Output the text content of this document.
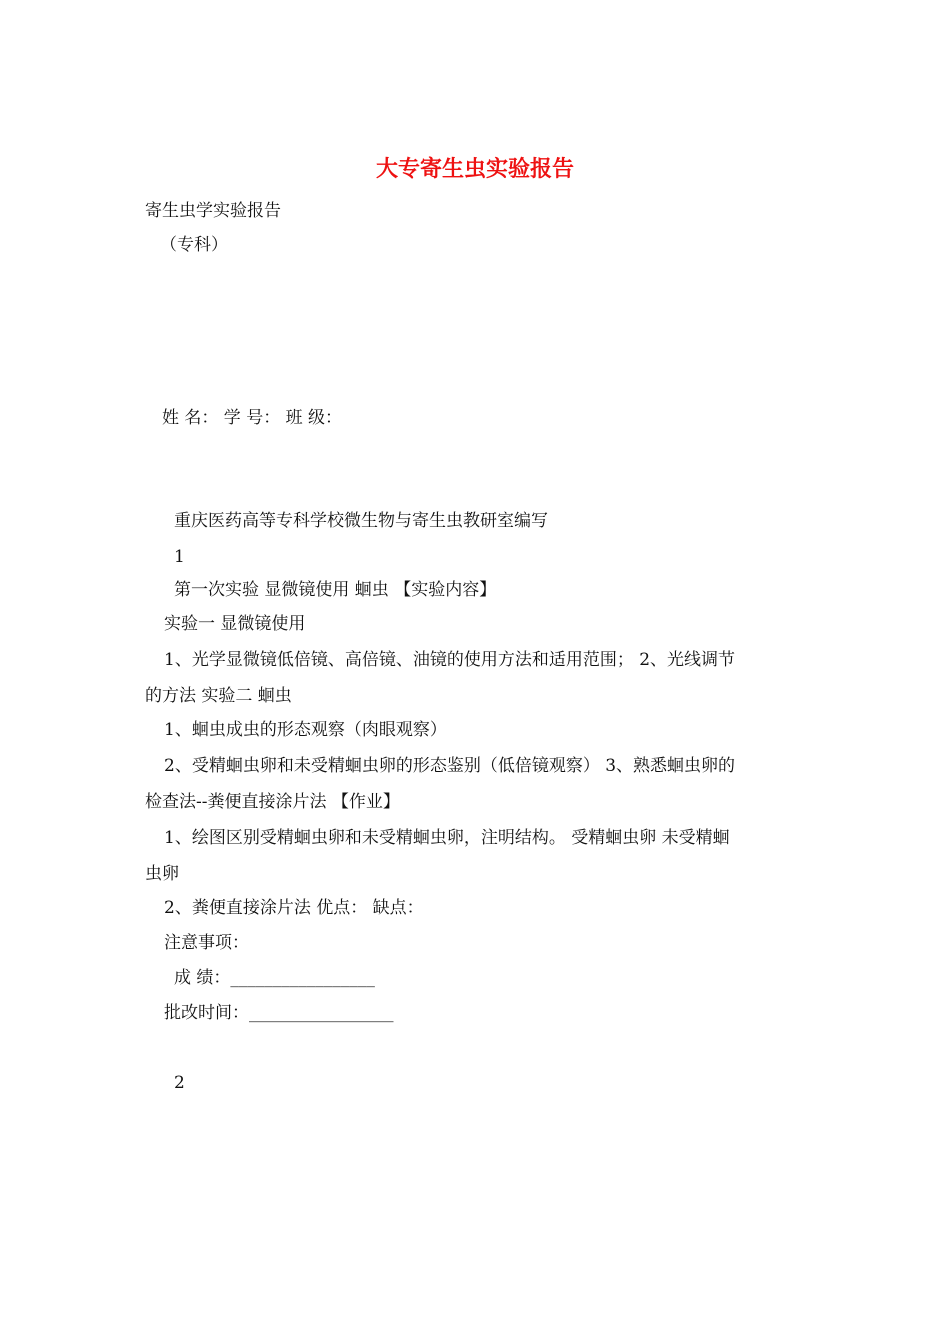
大专寄生虫实验报告
寄生虫学实验报告
（专科）
姓 名： 学 号： 班 级：
重庆医药高等专科学校微生物与寄生虫教研室编写
1
第一次实验 显微镜使用 蛔虫 【实验内容】
实验一 显微镜使用
1、光学显微镜低倍镜、高倍镜、油镜的使用方法和适用范围； 2、光线调节
的方法 实验二 蛔虫
1、蛔虫成虫的形态观察（肉眼观察）
2、受精蛔虫卵和未受精蛔虫卵的形态鉴别（低倍镜观察） 3、熟悉蛔虫卵的
检查法--粪便直接涂片法 【作业】
1、绘图区别受精蛔虫卵和未受精蛔虫卵，注明结构。 受精蛔虫卵 未受精蛔
虫卵
2、粪便直接涂片法 优点： 缺点：
注意事项：
成 绩：_________________
批改时间：_________________
2
